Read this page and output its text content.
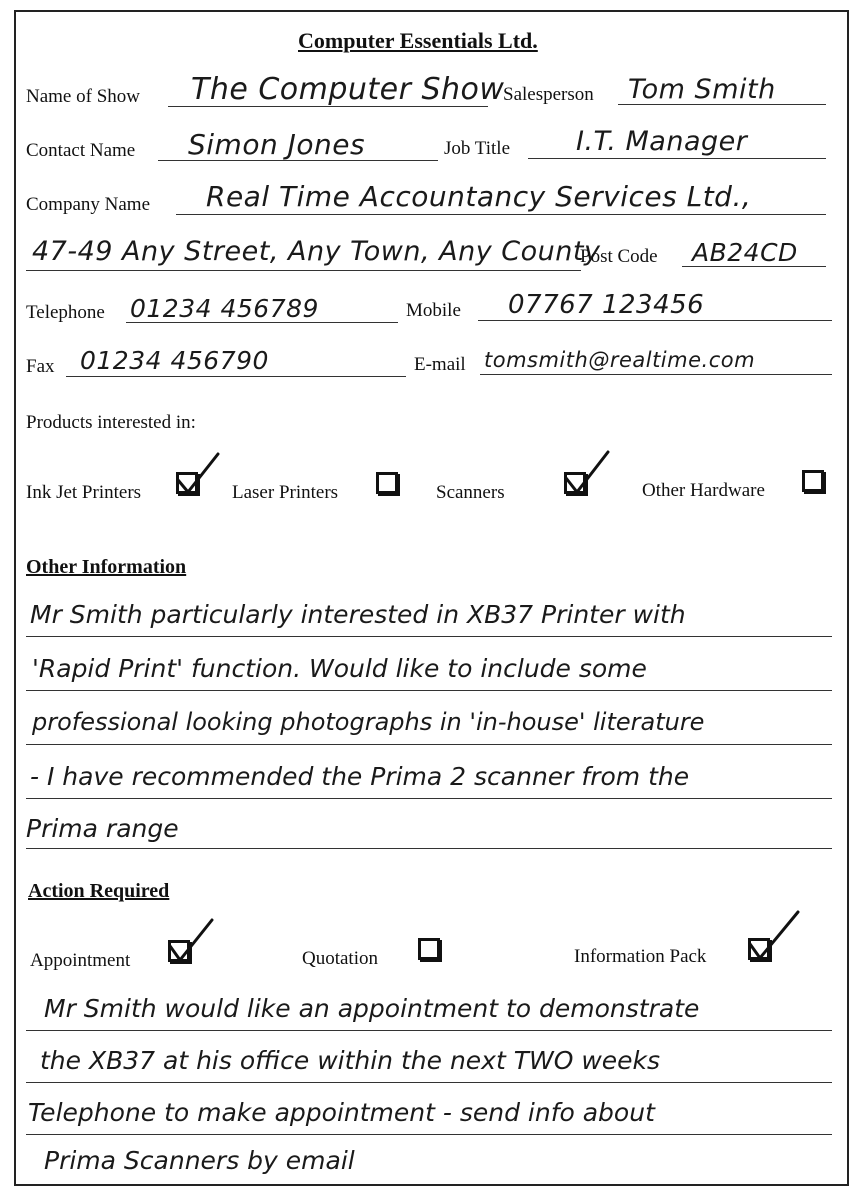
Computer Essentials Ltd.
Name of Show The Computer Show
Salesperson Tom Smith
Contact Name Simon Jones	Job Title I.T. Manager
Company Name Real Time Accountancy Services Ltd.,
47-49 Any Street, Any Town, Any County
Post Code AB24CD
Telephone 01234 456789	Mobile 07767 123456
Fax 01234 456790	E-mail tomsmith@realtime.com
Products interested in:
Ink Jet Printers	Laser Printers	Scanners	Other Hardware
Other Information
Mr Smith particularly interested in XB37 Printer with
'Rapid Print' function. Would like to include some
professional looking photographs in 'in-house' literature
- I have recommended the Prima 2 scanner from the
Prima range
Action Required
Appointment	Quotation	Information Pack
Mr Smith would like an appointment to demonstrate
the XB37 at his office within the next TWO weeks
Telephone to make appointment - send info about
Prima Scanners by email
